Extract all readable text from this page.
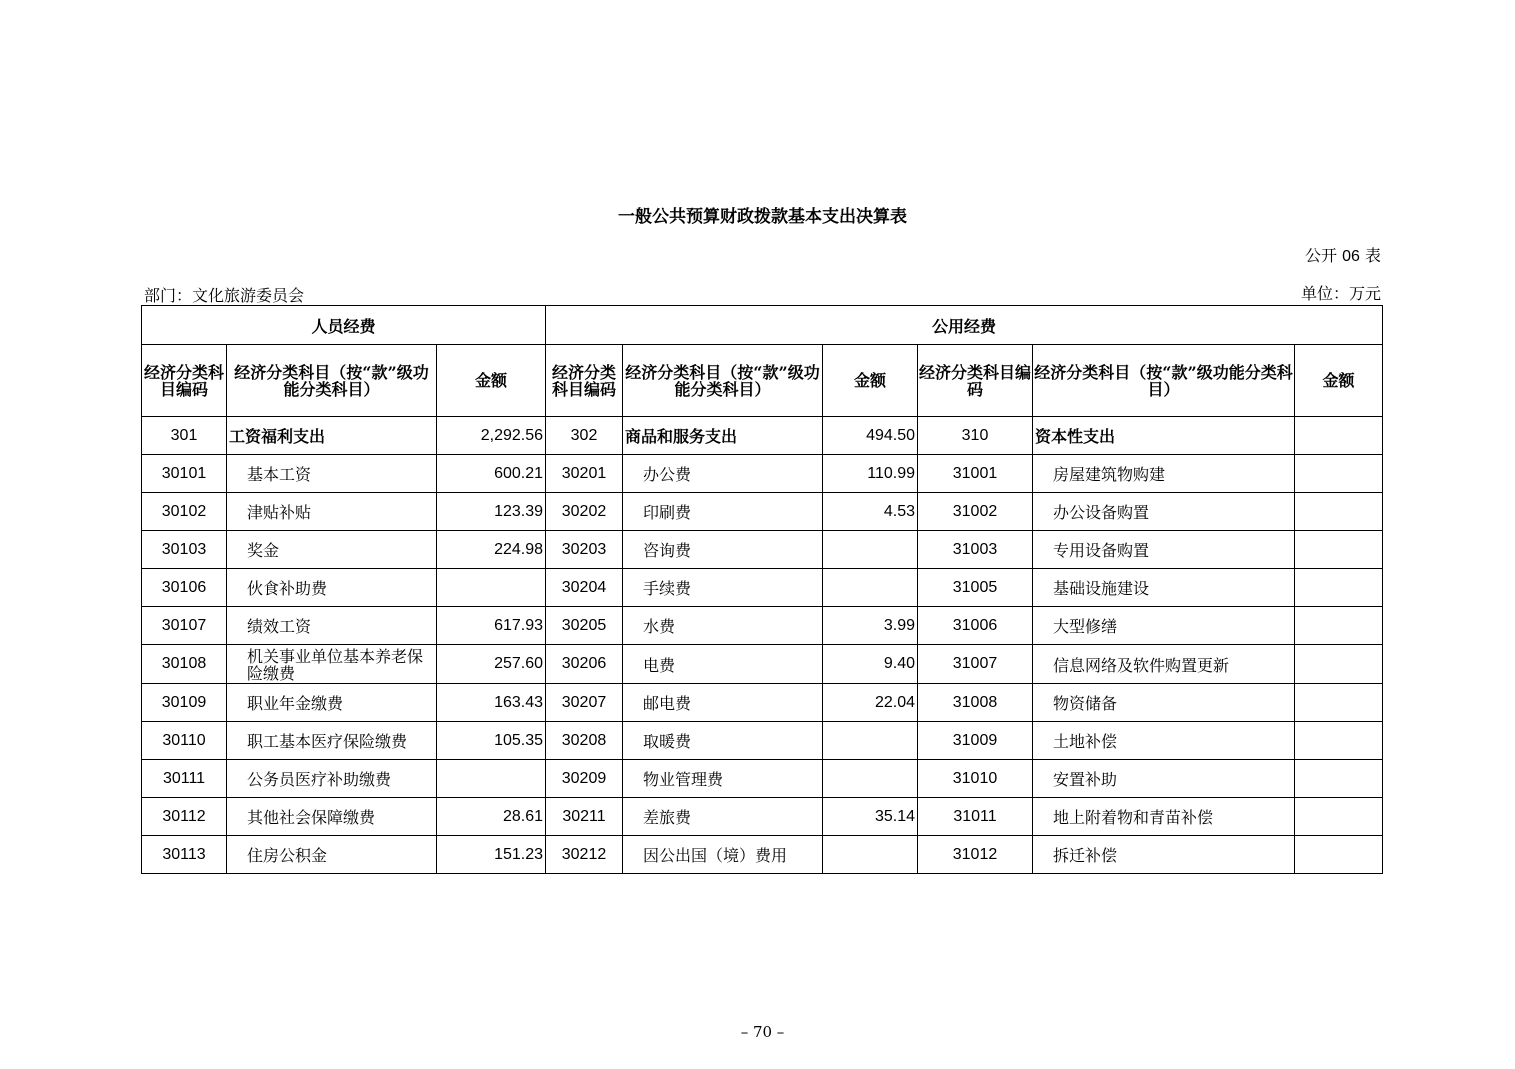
一般公共预算财政拨款基本支出决算表
公开 06 表
部门：文化旅游委员会	单位：万元
人员经费			公用经费					
经济分类科目编码	经济分类科目（按“款”级功能分类科目）	金额	经济分类科目编码	经济分类科目（按“款”级功能分类科目）	金额	经济分类科目编码	经济分类科目（按“款”级功能分类科目）	金额
301	工资福利支出	2,292.56	302	商品和服务支出	494.50	310	资本性支出	
30101	基本工资	600.21	30201	办公费	110.99	31001	房屋建筑物购建	
30102	津贴补贴	123.39	30202	印刷费	4.53	31002	办公设备购置	
30103	奖金	224.98	30203	咨询费		31003	专用设备购置	
30106	伙食补助费		30204	手续费		31005	基础设施建设	
30107	绩效工资	617.93	30205	水费	3.99	31006	大型修缮	
30108	机关事业单位基本养老保险缴费	257.60	30206	电费	9.40	31007	信息网络及软件购置更新	
30109	职业年金缴费	163.43	30207	邮电费	22.04	31008	物资储备	
30110	职工基本医疗保险缴费	105.35	30208	取暖费		31009	土地补偿	
30111	公务员医疗补助缴费		30209	物业管理费		31010	安置补助	
30112	其他社会保障缴费	28.61	30211	差旅费	35.14	31011	地上附着物和青苗补偿	
30113	住房公积金	151.23	30212	因公出国（境）费用		31012	拆迁补偿	
– 70 –
